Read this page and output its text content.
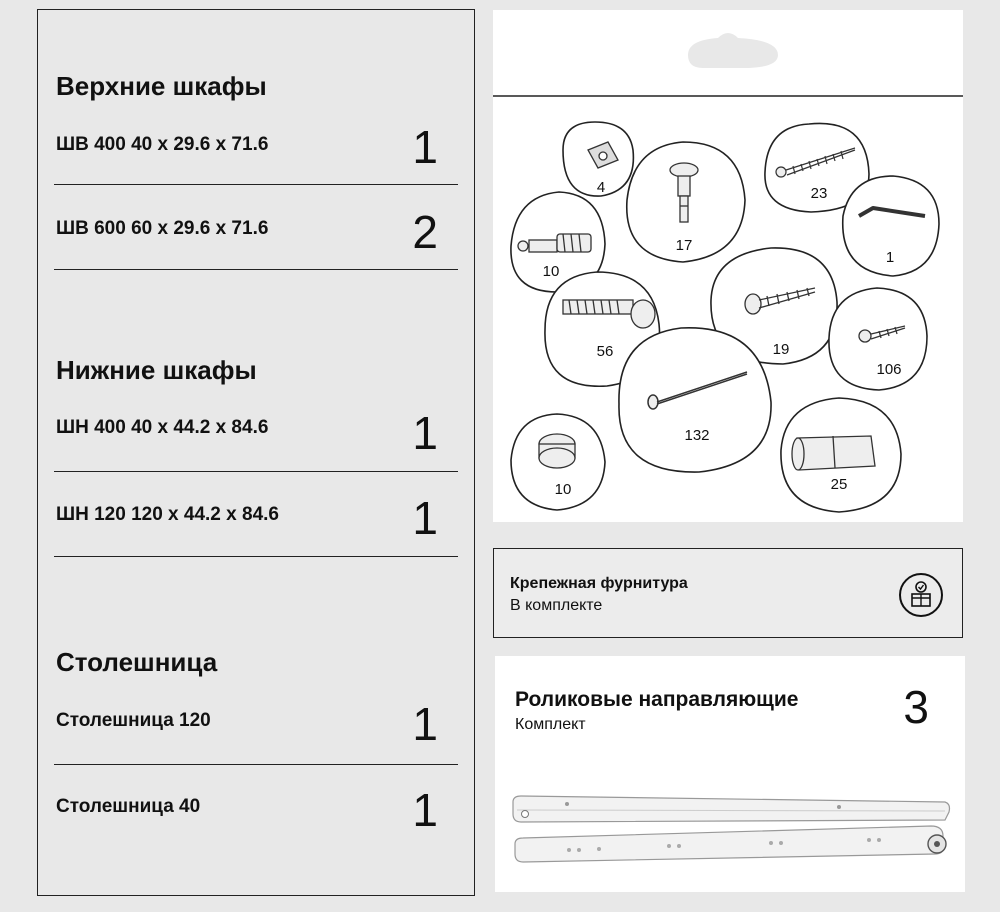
Верхние шкафы
ШВ 400 40 х 29.6 х 71.6	1
ШВ 600 60 х 29.6 х 71.6	2
Нижние шкафы
ШН 400 40 х 44.2 х 84.6	1
ШН 120 120 х 44.2 х 84.6	1
Столешница
Столешница 120	1
Столешница 40	1
4
17
23
1
10
56	19
106
132
10	25
Крепежная фурнитура
В комплекте
Роликовые направляющие
Комплект	3
